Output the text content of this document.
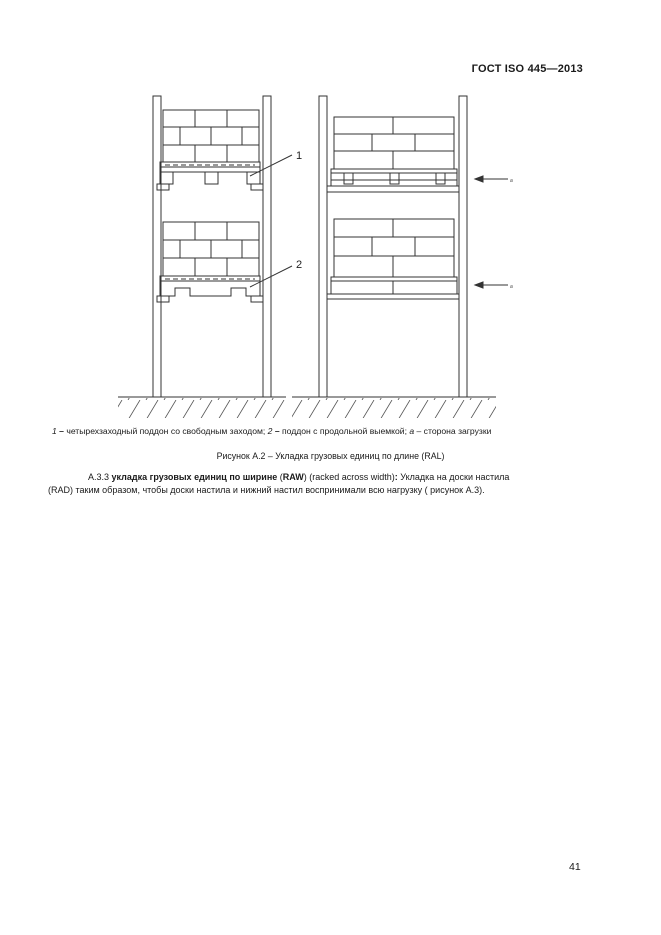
ГОСТ ISO 445—2013
1
2
a
a
1 – четырехзаходный поддон со свободным заходом; 2 – поддон с продольной выемкой; a – сторона загрузки
Рисунок А.2 – Укладка грузовых единиц по длине (RAL)
А.3.3 укладка грузовых единиц по ширине (RAW) (racked across width): Укладка на доски настила
(RAD) таким образом, чтобы доски настила и нижний настил воспринимали всю нагрузку ( рисунок А.3).
41
